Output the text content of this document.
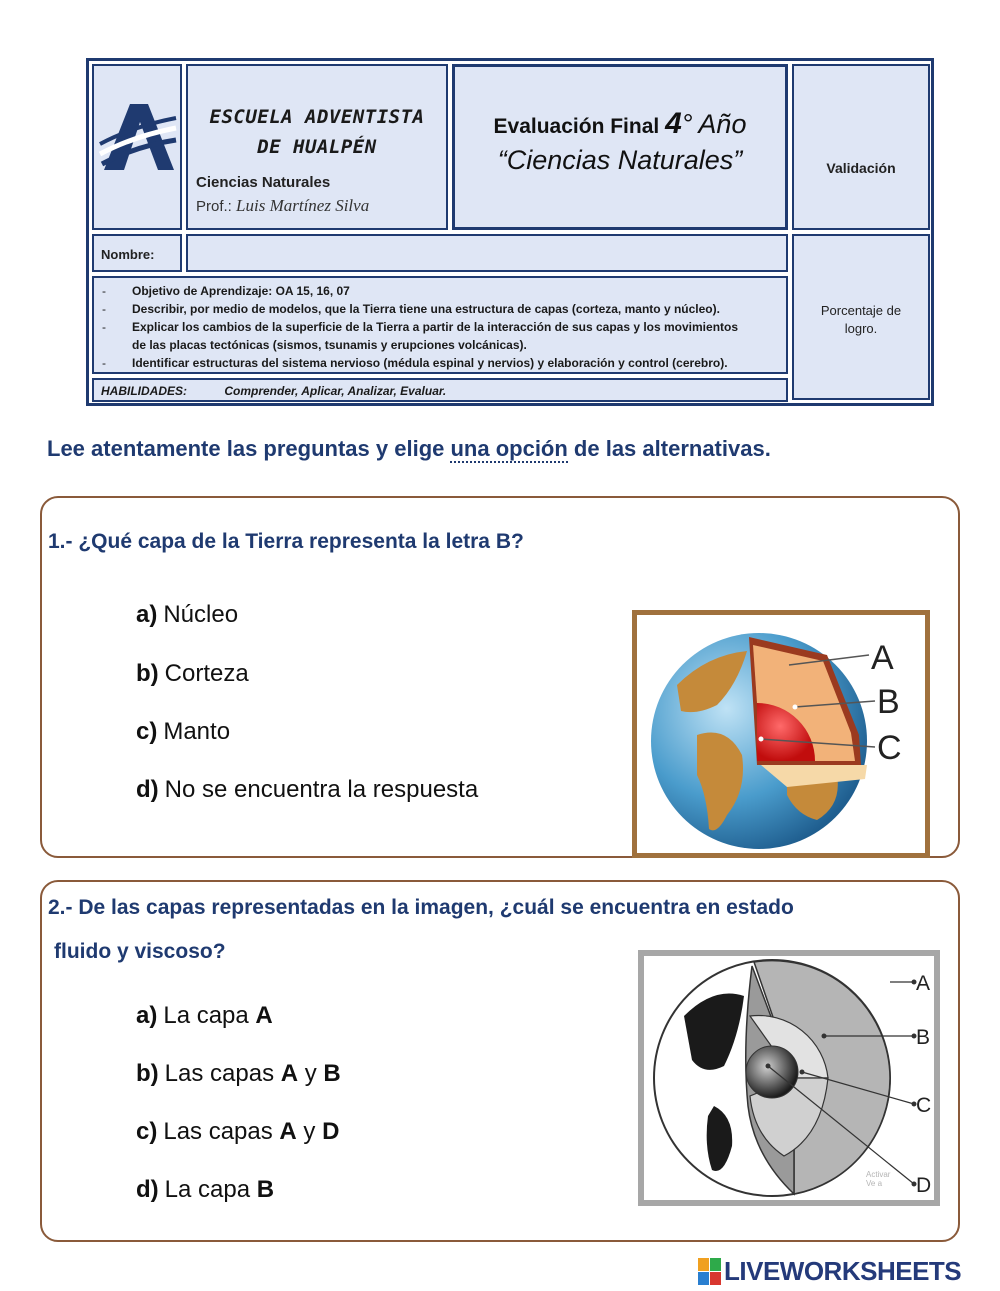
ESCUELA ADVENTISTA
DE HUALPÉN
Ciencias Naturales
Prof.: Luis Martínez Silva
Evaluación Final 4° Año
“Ciencias Naturales”	Validación
Nombre:
- Objetivo de Aprendizaje: OA 15, 16, 07
- Describir, por medio de modelos, que la Tierra tiene una estructura de capas (corteza, manto y núcleo).
- Explicar los cambios de la superficie de la Tierra a partir de la interacción de sus capas y los movimientos
de las placas tectónicas (sismos, tsunamis y erupciones volcánicas).
- Identificar estructuras del sistema nervioso (médula espinal y nervios) y elaboración y control (cerebro).
Porcentaje de
logro.
HABILIDADES:	Comprender, Aplicar, Analizar, Evaluar.
Lee atentamente las preguntas y elige una opción de las alternativas.
1.- ¿Qué capa de la Tierra representa la letra B?
a) Núcleo
b) Corteza
c) Manto
d) No se encuentra la respuesta
A
B
C
2.- De las capas representadas en la imagen, ¿cuál se encuentra en estado
fluido y viscoso?
a) La capa A
b) Las capas A y B
c) Las capas A y D
d) La capa B
A
B
C
D
Activar
Ve a
LIVEWORKSHEETS
